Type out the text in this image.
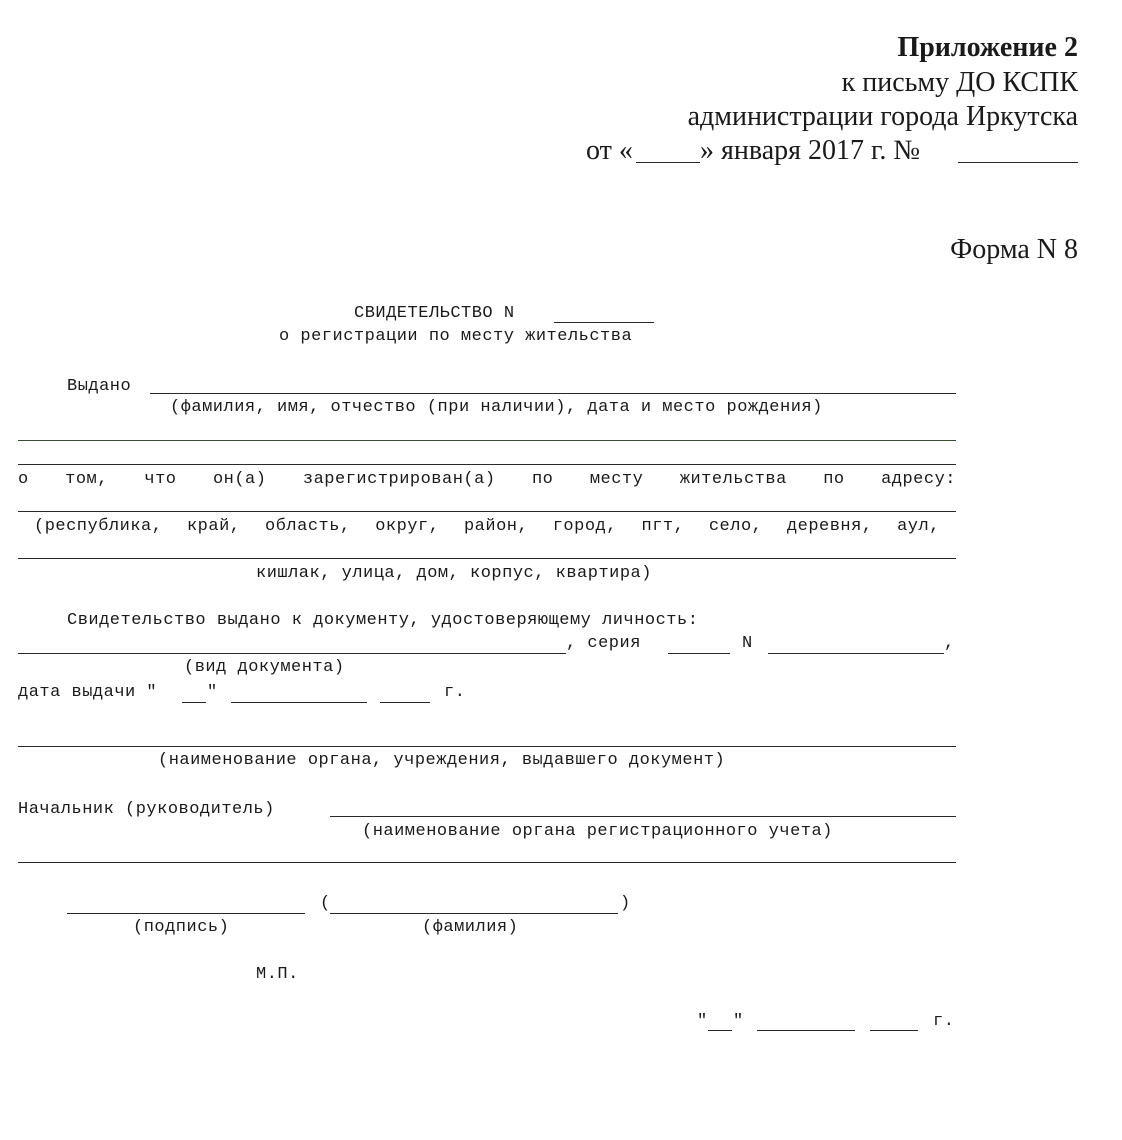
Приложение 2
к письму ДО КСПК
администрации города Иркутска
от « » января 2017 г. №
Форма N 8
СВИДЕТЕЛЬСТВО N
о регистрации по месту жительства
Выдано
(фамилия, имя, отчество (при наличии), дата и место рождения)
о том, что он(а) зарегистрирован(а) по месту жительства по адресу:
(республика, край, область, округ, район, город, пгт, село, деревня, аул,
кишлак, улица, дом, корпус, квартира)
Свидетельство выдано к документу, удостоверяющему личность:
, серия	N	,
(вид документа)
дата выдачи "	"	г.
(наименование органа, учреждения, выдавшего документ)
Начальник (руководитель)
(наименование органа регистрационного учета)
(	)
(подпись)	(фамилия)
М.П.
" "	г.
